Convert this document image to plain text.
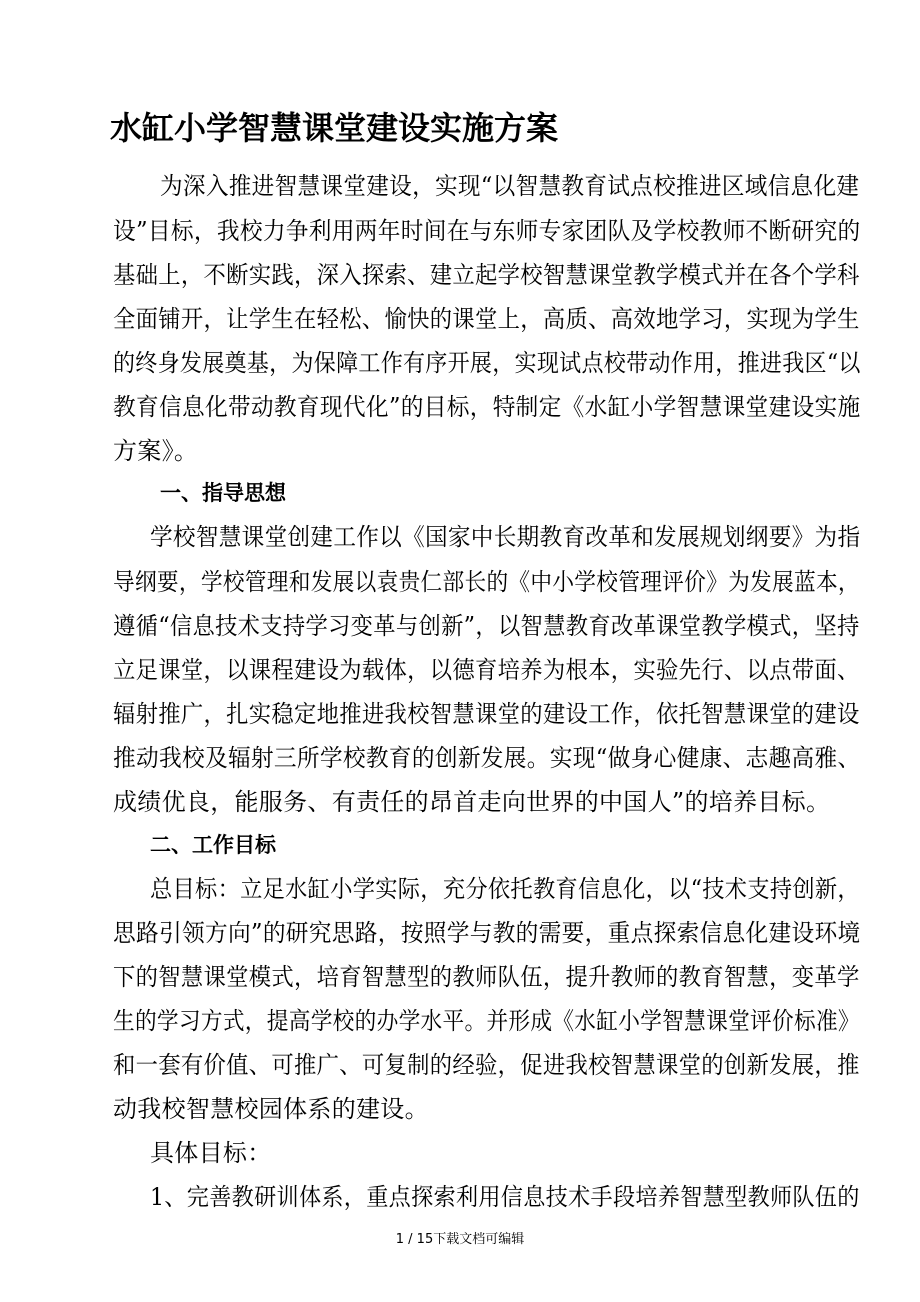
水缸小学智慧课堂建设实施方案
为深入推进智慧课堂建设，实现“以智慧教育试点校推进区域信息化建
设”目标，我校力争利用两年时间在与东师专家团队及学校教师不断研究的
基础上，不断实践，深入探索、建立起学校智慧课堂教学模式并在各个学科
全面铺开，让学生在轻松、愉快的课堂上，高质、高效地学习，实现为学生
的终身发展奠基，为保障工作有序开展，实现试点校带动作用，推进我区“以
教育信息化带动教育现代化”的目标，特制定《水缸小学智慧课堂建设实施
方案》。
一、指导思想
学校智慧课堂创建工作以《国家中长期教育改革和发展规划纲要》为指
导纲要，学校管理和发展以袁贵仁部长的《中小学校管理评价》为发展蓝本，
遵循“信息技术支持学习变革与创新”，以智慧教育改革课堂教学模式，坚持
立足课堂，以课程建设为载体，以德育培养为根本，实验先行、以点带面、
辐射推广，扎实稳定地推进我校智慧课堂的建设工作，依托智慧课堂的建设
推动我校及辐射三所学校教育的创新发展。实现“做身心健康、志趣高雅、
成绩优良，能服务、有责任的昂首走向世界的中国人”的培养目标。
二、工作目标
总目标：立足水缸小学实际，充分依托教育信息化，以“技术支持创新，
思路引领方向”的研究思路，按照学与教的需要，重点探索信息化建设环境
下的智慧课堂模式，培育智慧型的教师队伍，提升教师的教育智慧，变革学
生的学习方式，提高学校的办学水平。并形成《水缸小学智慧课堂评价标准》
和一套有价值、可推广、可复制的经验，促进我校智慧课堂的创新发展，推
动我校智慧校园体系的建设。
具体目标：
1、完善教研训体系，重点探索利用信息技术手段培养智慧型教师队伍的
1 / 15下载文档可编辑
